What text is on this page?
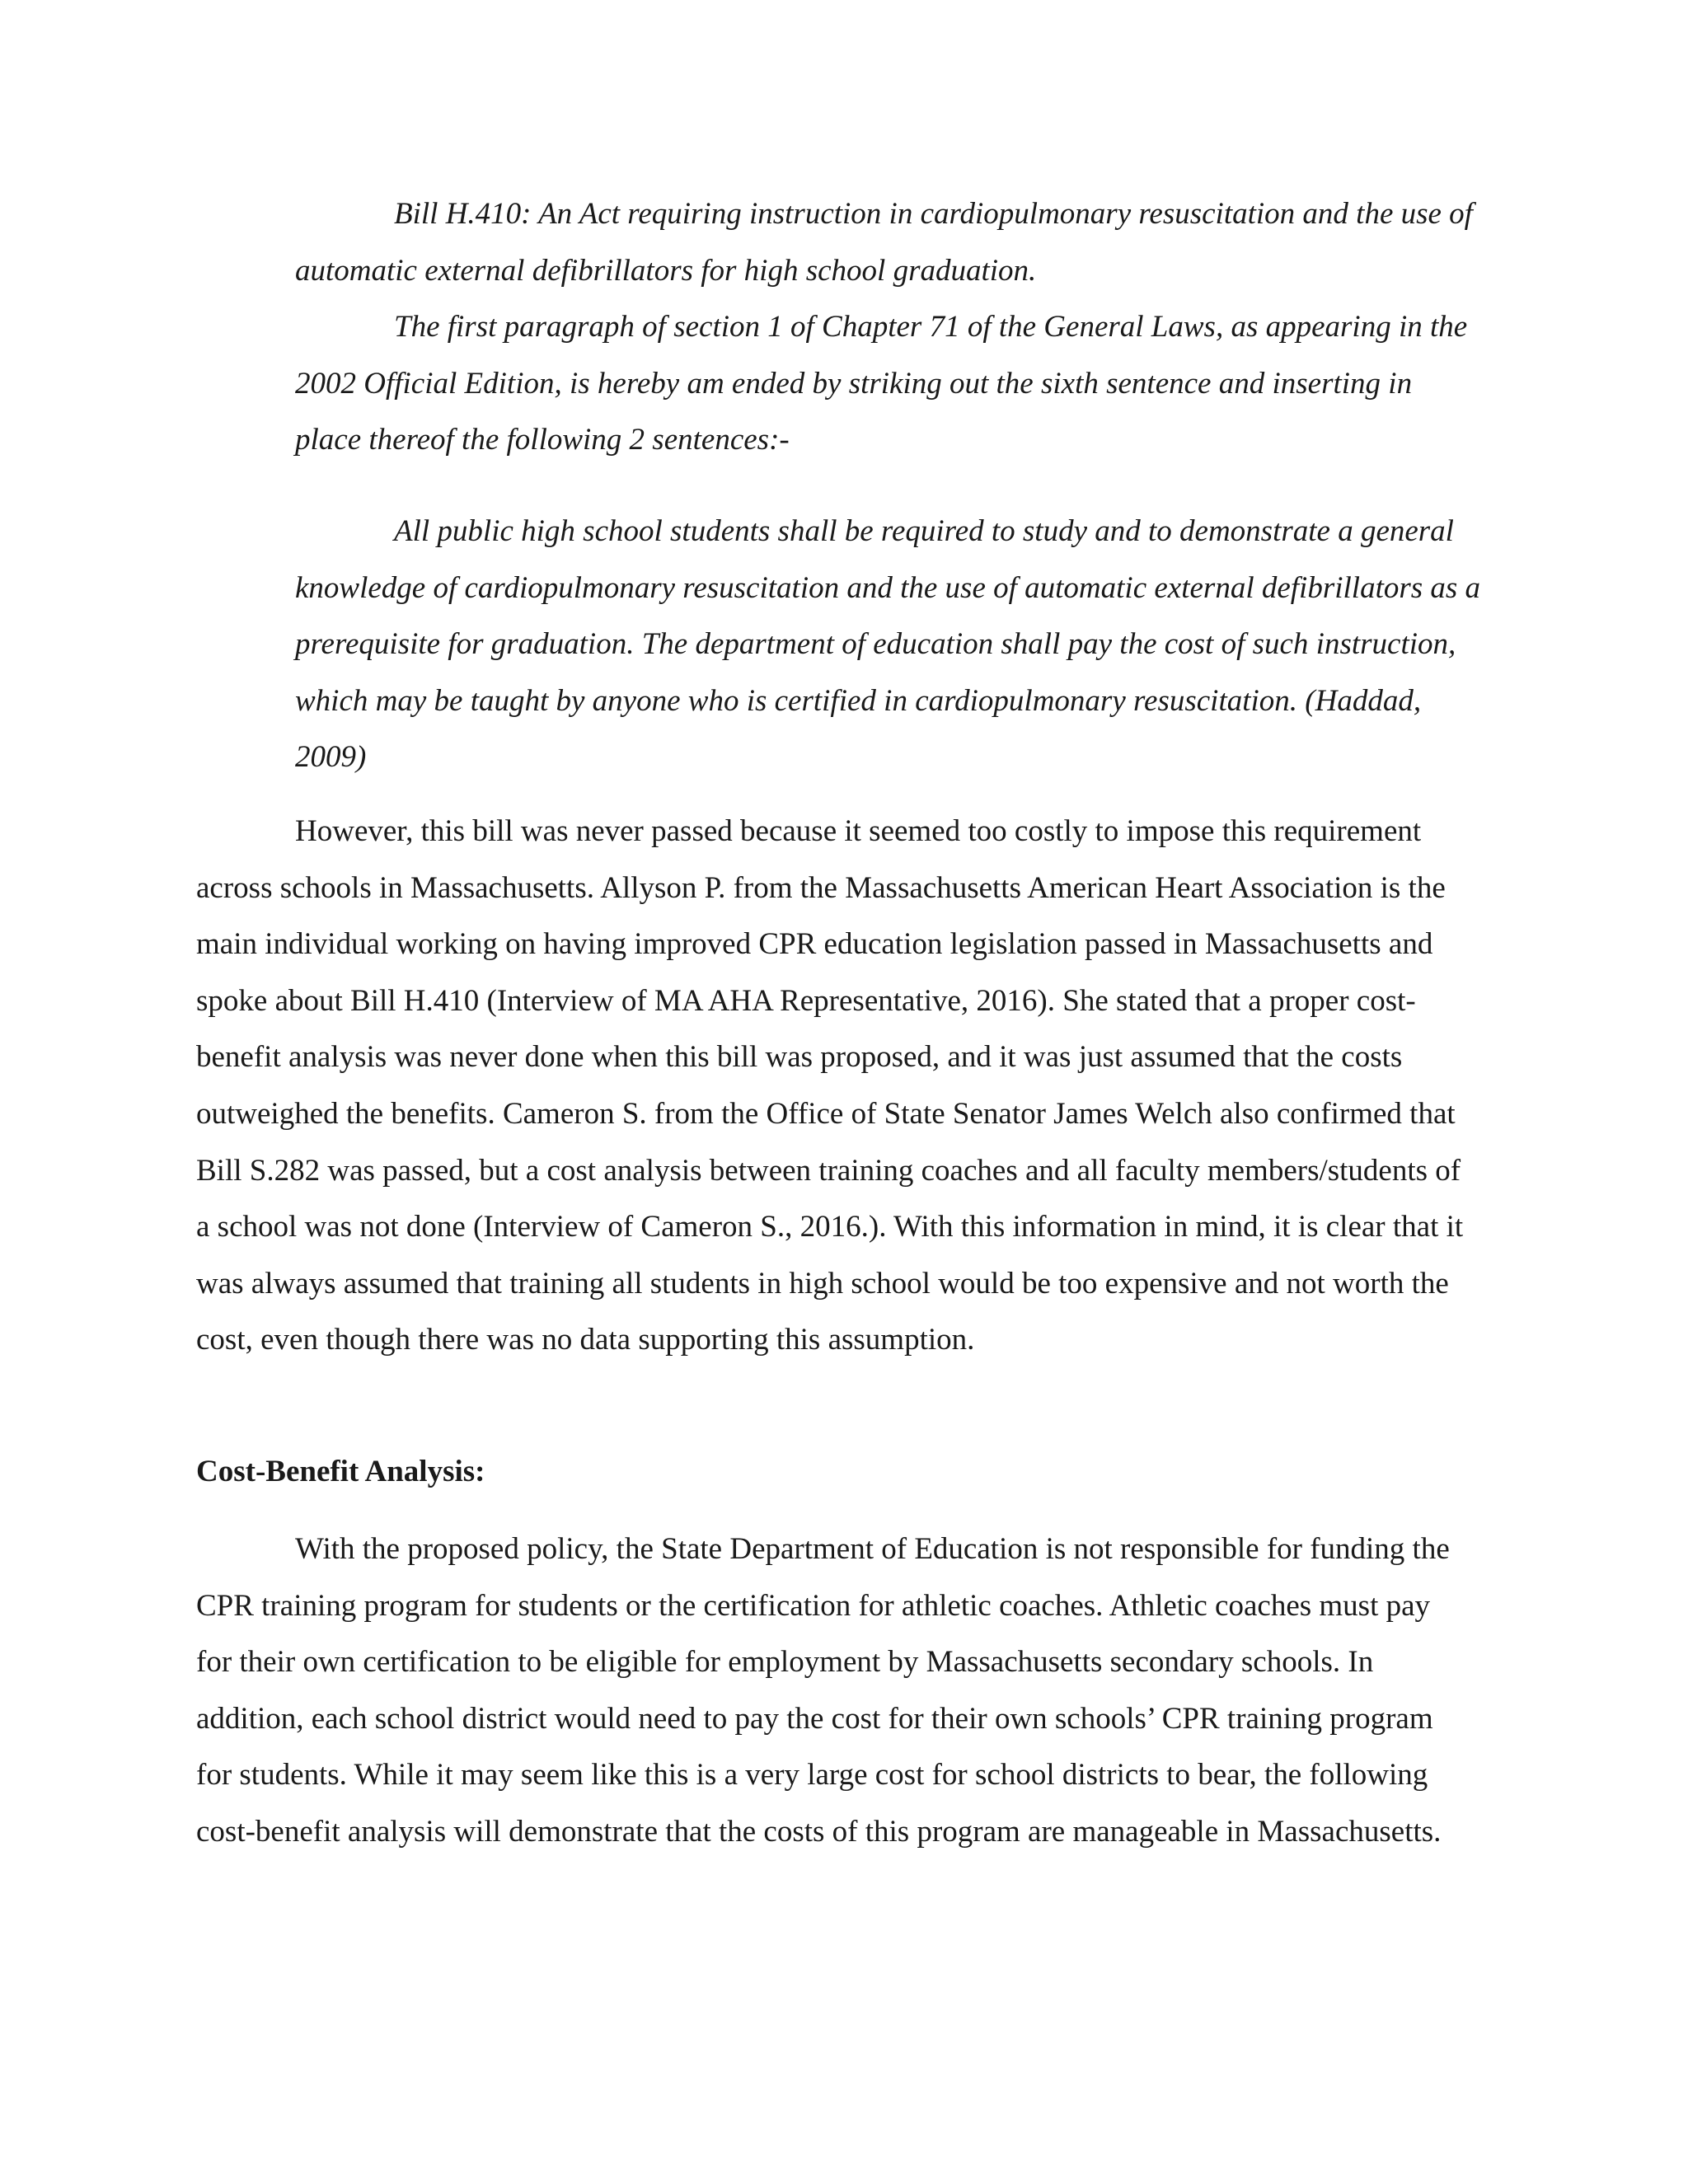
Bill H.410: An Act requiring instruction in cardiopulmonary resuscitation and the use of automatic external defibrillators for high school graduation.

The first paragraph of section 1 of Chapter 71 of the General Laws, as appearing in the 2002 Official Edition, is hereby am ended by striking out the sixth sentence and inserting in place thereof the following 2 sentences:-

All public high school students shall be required to study and to demonstrate a general knowledge of cardiopulmonary resuscitation and the use of automatic external defibrillators as a prerequisite for graduation. The department of education shall pay the cost of such instruction, which may be taught by anyone who is certified in cardiopulmonary resuscitation. (Haddad, 2009)

However, this bill was never passed because it seemed too costly to impose this requirement across schools in Massachusetts. Allyson P. from the Massachusetts American Heart Association is the main individual working on having improved CPR education legislation passed in Massachusetts and spoke about Bill H.410 (Interview of MA AHA Representative, 2016). She stated that a proper cost-benefit analysis was never done when this bill was proposed, and it was just assumed that the costs outweighed the benefits. Cameron S. from the Office of State Senator James Welch also confirmed that Bill S.282 was passed, but a cost analysis between training coaches and all faculty members/students of a school was not done (Interview of Cameron S., 2016.). With this information in mind, it is clear that it was always assumed that training all students in high school would be too expensive and not worth the cost, even though there was no data supporting this assumption.

Cost-Benefit Analysis:

With the proposed policy, the State Department of Education is not responsible for funding the CPR training program for students or the certification for athletic coaches. Athletic coaches must pay for their own certification to be eligible for employment by Massachusetts secondary schools. In addition, each school district would need to pay the cost for their own schools’ CPR training program for students. While it may seem like this is a very large cost for school districts to bear, the following cost-benefit analysis will demonstrate that the costs of this program are manageable in Massachusetts.
